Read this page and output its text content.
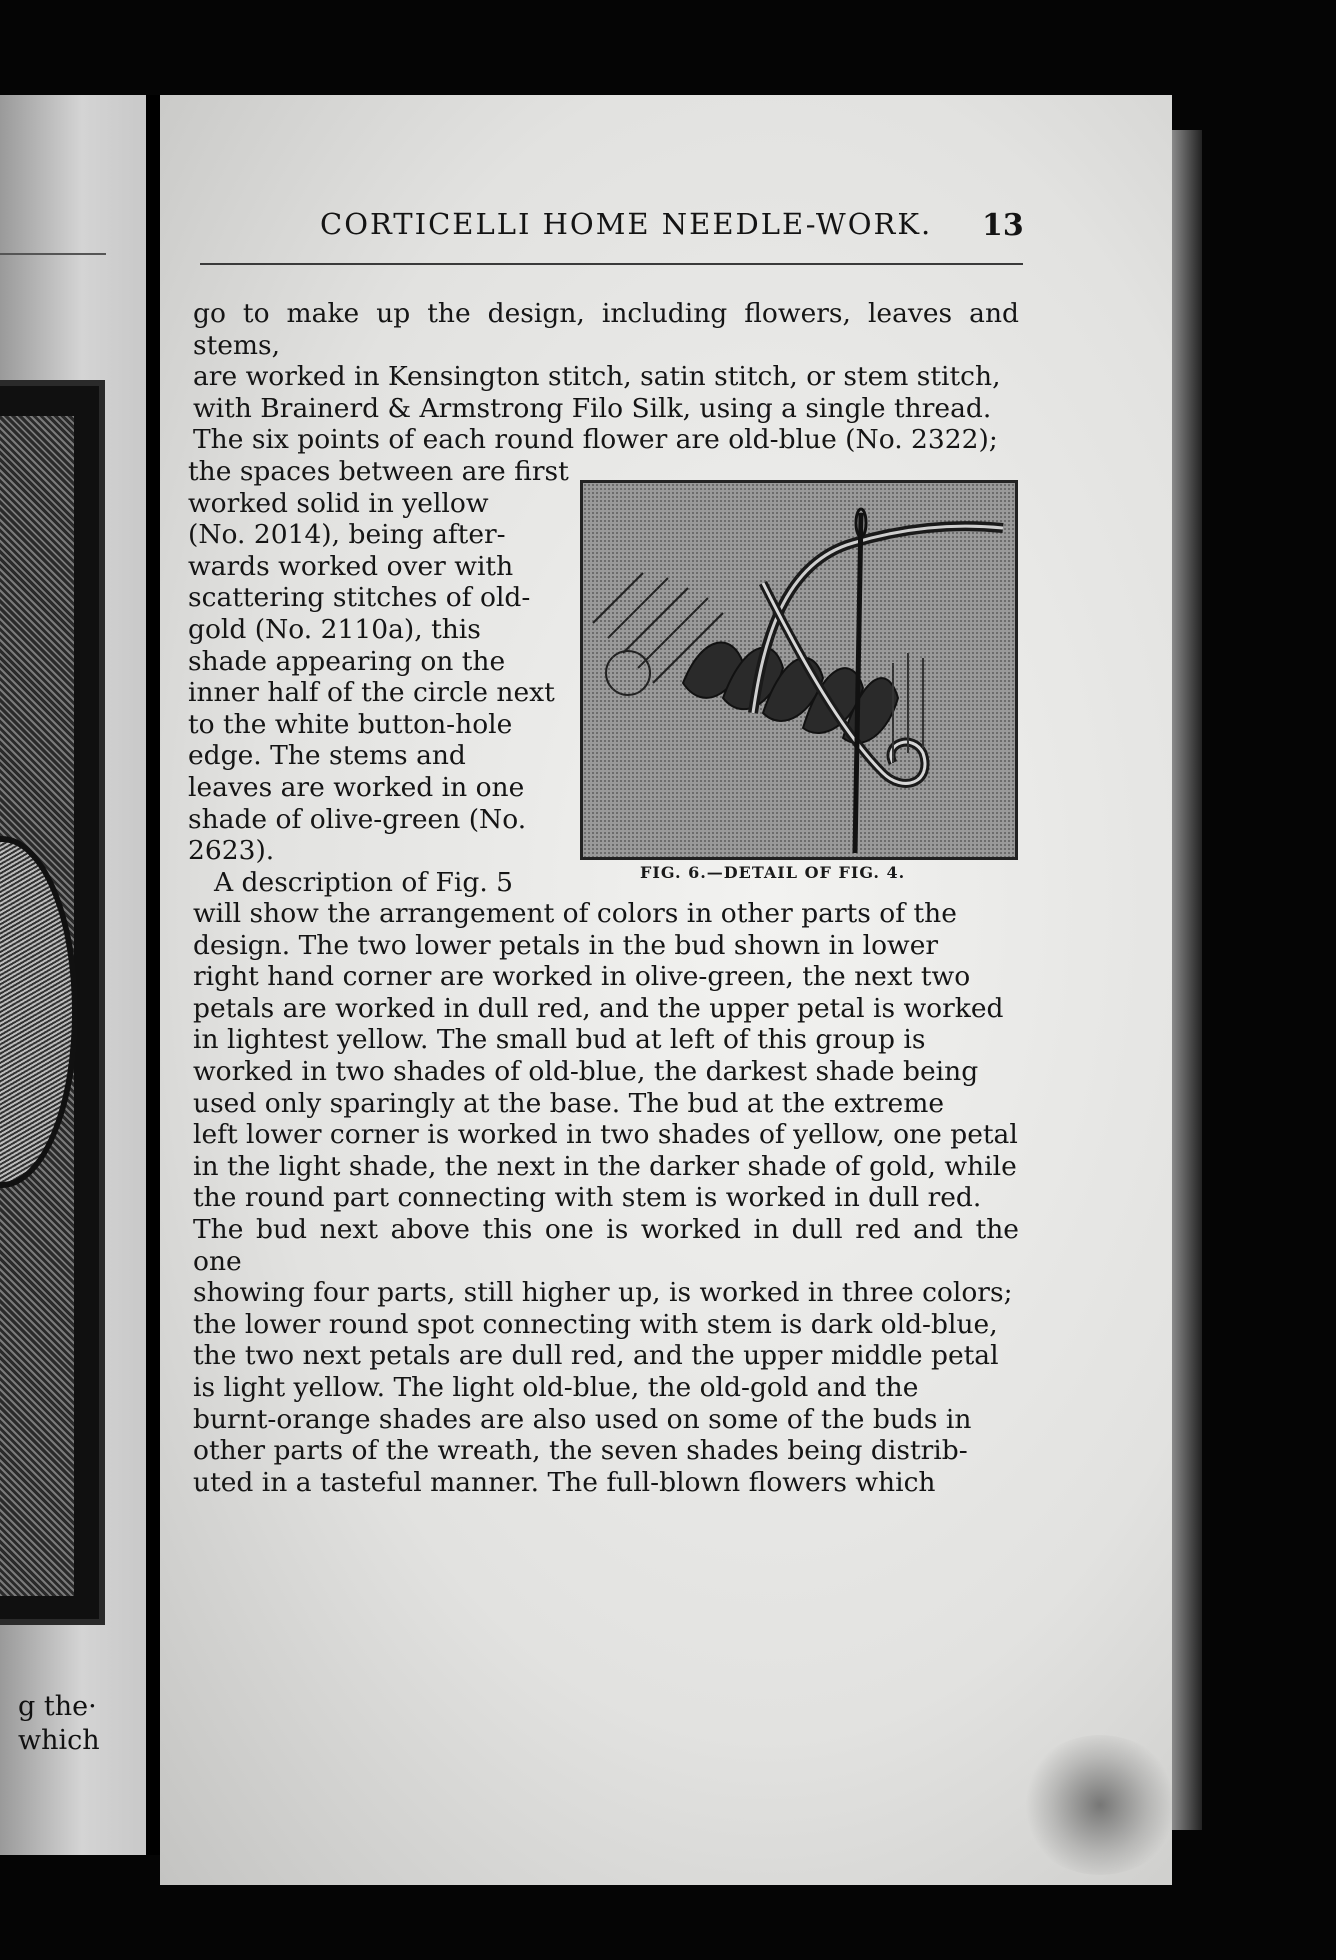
g the·
which
CORTICELLI HOME NEEDLE-WORK. 13

go to make up the design, including flowers, leaves and stems,

are worked in Kensington stitch, satin stitch, or stem stitch,

with Brainerd & Armstrong Filo Silk, using a single thread.

The six points of each round flower are old-blue (No. 2322);

the spaces between are first

worked solid in yellow

(No. 2014), being after-

wards worked over with

scattering stitches of old-

gold (No. 2110a), this

shade appearing on the

inner half of the circle next

to the white button-hole

edge. The stems and

leaves are worked in one

shade of olive-green (No.

2623).

A description of Fig. 5	FIG. 6.—DETAIL OF FIG. 4.

will show the arrangement of colors in other parts of the

design. The two lower petals in the bud shown in lower

right hand corner are worked in olive-green, the next two

petals are worked in dull red, and the upper petal is worked

in lightest yellow. The small bud at left of this group is

worked in two shades of old-blue, the darkest shade being

used only sparingly at the base. The bud at the extreme

left lower corner is worked in two shades of yellow, one petal

in the light shade, the next in the darker shade of gold, while

the round part connecting with stem is worked in dull red.

The bud next above this one is worked in dull red and the one

showing four parts, still higher up, is worked in three colors;

the lower round spot connecting with stem is dark old-blue,

the two next petals are dull red, and the upper middle petal

is light yellow. The light old-blue, the old-gold and the

burnt-orange shades are also used on some of the buds in

other parts of the wreath, the seven shades being distrib-

uted in a tasteful manner. The full-blown flowers which
